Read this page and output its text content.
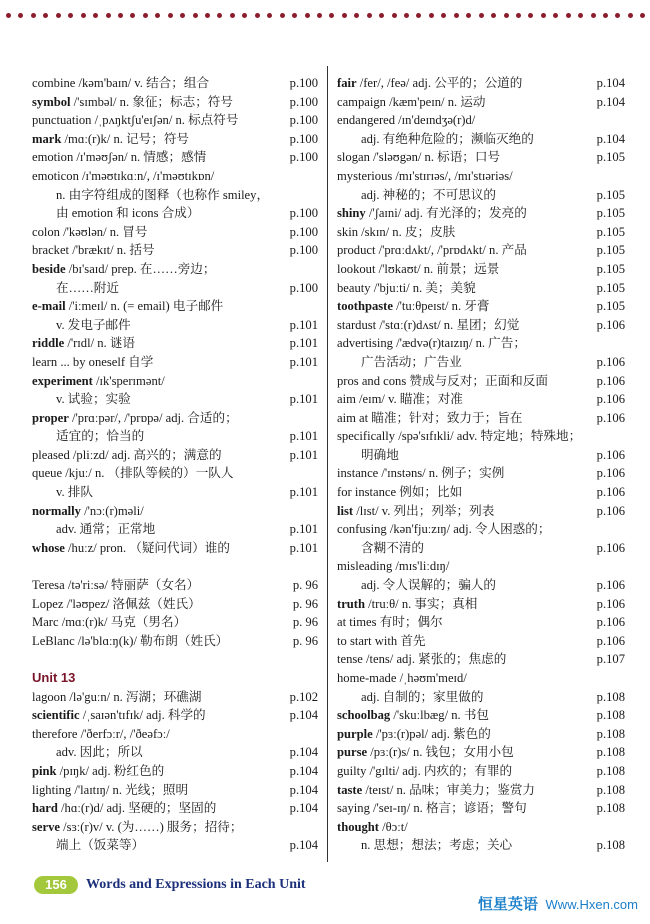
combine /kəm'baɪn/ v. 结合；组合	p.100
symbol /'sɪmbəl/ n. 象征；标志；符号	p.100
punctuation /ˌpʌŋktʃu'eɪʃən/ n. 标点符号	p.100
mark /mɑː(r)k/ n. 记号；符号	p.100
emotion /ɪ'məʊʃən/ n. 情感；感情	p.100
emoticon /ɪ'məʊtɪkɑːn/, /ɪ'məʊtɪkɒn/
n. 由字符组成的图释（也称作 smiley，
由 emotion 和 icons 合成）	p.100
colon /'kəʊlən/ n. 冒号	p.100
bracket /'brækɪt/ n. 括号	p.100
beside /bɪ'saɪd/ prep. 在……旁边；
在……附近	p.100
e-mail /'iːmeɪl/ n. (= email) 电子邮件
v. 发电子邮件	p.101
riddle /'rɪdl/ n. 谜语	p.101
learn ... by oneself 自学	p.101
experiment /ɪk'sperɪmənt/
v. 试验；实验	p.101
proper /'prɑːpər/, /'prɒpə/ adj. 合适的；
适宜的；恰当的	p.101
pleased /pliːzd/ adj. 高兴的；满意的	p.101
queue /kjuː/ n. （排队等候的）一队人
v. 排队	p.101
normally /'nɔː(r)məli/
adv. 通常；正常地	p.101
whose /huːz/ pron. （疑问代词）谁的	p.101
Teresa /tə'riːsə/ 特丽萨（女名）	p. 96
Lopez /'ləʊpez/ 洛佩兹（姓氏）	p. 96
Marc /mɑː(r)k/ 马克（男名）	p. 96
LeBlanc /lə'blɑːŋ(k)/ 勒布朗（姓氏）	p. 96
Unit 13
lagoon /lə'guːn/ n. 泻湖；环礁湖	p.102
scientific /ˌsaɪən'tɪfɪk/ adj. 科学的	p.104
therefore /'ðerfɔːr/, /'ðeəfɔː/
adv. 因此；所以	p.104
pink /pɪŋk/ adj. 粉红色的	p.104
lighting /'laɪtɪŋ/ n. 光线；照明	p.104
hard /hɑː(r)d/ adj. 坚硬的；坚固的	p.104
serve /sɜː(r)v/ v. (为……) 服务；招待；
端上（饭菜等）	p.104
fair /fer/, /feə/ adj. 公平的；公道的	p.104
campaign /kæm'peɪn/ n. 运动	p.104
endangered /ɪn'deɪndʒə(r)d/
adj. 有绝种危险的；濒临灭绝的	p.104
slogan /'sləʊgən/ n. 标语；口号	p.105
mysterious /mɪ'stɪrɪəs/, /mɪ'stɪəriəs/
adj. 神秘的；不可思议的	p.105
shiny /'ʃaɪni/ adj. 有光泽的；发亮的	p.105
skin /skɪn/ n. 皮；皮肤	p.105
product /'prɑːdʌkt/, /'prɒdʌkt/ n. 产品	p.105
lookout /'lʊkaʊt/ n. 前景；远景	p.105
beauty /'bjuːti/ n. 美；美貌	p.105
toothpaste /'tuːθpeɪst/ n. 牙膏	p.105
stardust /'stɑː(r)dʌst/ n. 星团；幻觉	p.106
advertising /'ædvə(r)taɪzɪŋ/ n. 广告；
广告活动；广告业	p.106
pros and cons 赞成与反对；正面和反面	p.106
aim /eɪm/ v. 瞄准；对准	p.106
aim at 瞄准；针对；致力于；旨在	p.106
specifically /spə'sɪfɪkli/ adv. 特定地；特殊地；
明确地	p.106
instance /'ɪnstəns/ n. 例子；实例	p.106
for instance 例如；比如	p.106
list /lɪst/ v. 列出；列举；列表	p.106
confusing /kən'fjuːzɪŋ/ adj. 令人困惑的；
含糊不清的	p.106
misleading /mɪs'liːdɪŋ/
adj. 令人误解的；骗人的	p.106
truth /truːθ/ n. 事实；真相	p.106
at times 有时；偶尔	p.106
to start with 首先	p.106
tense /tens/ adj. 紧张的；焦虑的	p.107
home-made /ˌhəʊm'meɪd/
adj. 自制的；家里做的	p.108
schoolbag /'skuːlbæg/ n. 书包	p.108
purple /'pɜː(r)pəl/ adj. 紫色的	p.108
purse /pɜː(r)s/ n. 钱包；女用小包	p.108
guilty /'gɪlti/ adj. 内疚的；有罪的	p.108
taste /teɪst/ n. 品味；审美力；鉴赏力	p.108
saying /'seɪ-ɪŋ/ n. 格言；谚语；警句	p.108
thought /θɔːt/
n. 思想；想法；考虑；关心	p.108
156	Words and Expressions in Each Unit
恒星英语 Www.Hxen.com
